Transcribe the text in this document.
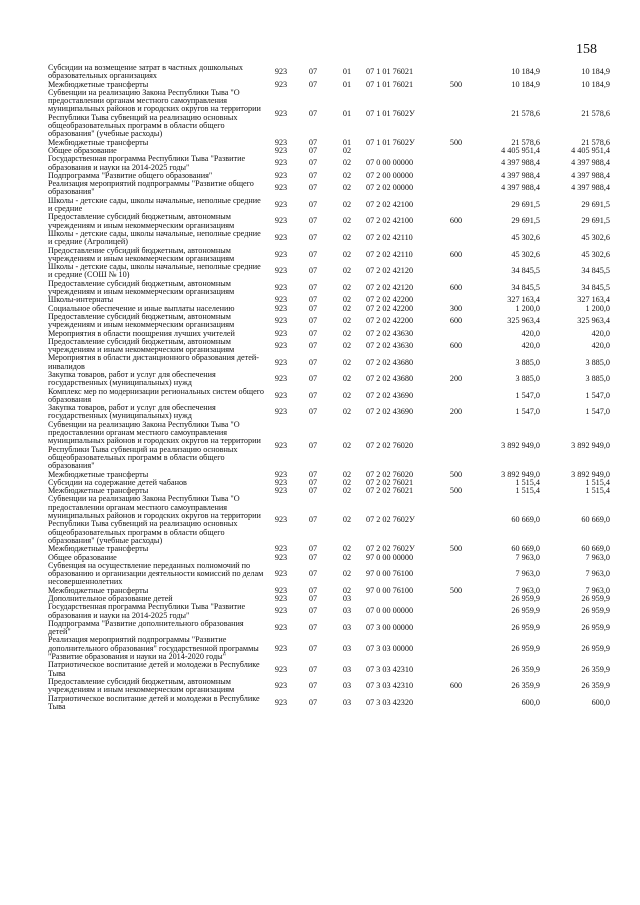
158
Субсидии на возмещение затрат в частных дошкольных образовательных организациях	923	07	01	07 1 01 76021		10 184,9	10 184,9
Межбюджетные трансферты	923	07	01	07 1 01 76021	500	10 184,9	10 184,9
Субвенции на реализацию Закона Республики Тыва "О предоставлении органам местного самоуправления муниципальных районов и городских округов на территории Республики Тыва субвенций на реализацию основных общеобразовательных программ в области общего образования" (учебные расходы)	923	07	01	07 1 01 7602У		21 578,6	21 578,6
Межбюджетные трансферты	923	07	01	07 1 01 7602У	500	21 578,6	21 578,6
Общее образование	923	07	02			4 405 951,4	4 405 951,4
Государственная программа Республики Тыва "Развитие образования и науки на 2014-2025 годы"	923	07	02	07 0 00 00000		4 397 988,4	4 397 988,4
Подпрограмма "Развитие общего образования"	923	07	02	07 2 00 00000		4 397 988,4	4 397 988,4
Реализация мероприятий подпрограммы "Развитие общего образования"	923	07	02	07 2 02 00000		4 397 988,4	4 397 988,4
Школы - детские сады, школы начальные, неполные средние и средние	923	07	02	07 2 02 42100		29 691,5	29 691,5
Предоставление субсидий бюджетным, автономным учреждениям и иным некоммерческим организациям	923	07	02	07 2 02 42100	600	29 691,5	29 691,5
Школы - детские сады, школы начальные, неполные средние и средние (Агролицей)	923	07	02	07 2 02 42110		45 302,6	45 302,6
Предоставление субсидий бюджетным, автономным учреждениям и иным некоммерческим организациям	923	07	02	07 2 02 42110	600	45 302,6	45 302,6
Школы - детские сады, школы начальные, неполные средние и средние (СОШ № 10)	923	07	02	07 2 02 42120		34 845,5	34 845,5
Предоставление субсидий бюджетным, автономным учреждениям и иным некоммерческим организациям	923	07	02	07 2 02 42120	600	34 845,5	34 845,5
Школы-интернаты	923	07	02	07 2 02 42200		327 163,4	327 163,4
Социальное обеспечение и иные выплаты населению	923	07	02	07 2 02 42200	300	1 200,0	1 200,0
Предоставление субсидий бюджетным, автономным учреждениям и иным некоммерческим организациям	923	07	02	07 2 02 42200	600	325 963,4	325 963,4
Мероприятия в области поощрения лучших учителей	923	07	02	07 2 02 43630		420,0	420,0
Предоставление субсидий бюджетным, автономным учреждениям и иным некоммерческим организациям	923	07	02	07 2 02 43630	600	420,0	420,0
Мероприятия в области дистанционного образования детей-инвалидов	923	07	02	07 2 02 43680		3 885,0	3 885,0
Закупка товаров, работ и услуг для обеспечения государственных (муниципальных) нужд	923	07	02	07 2 02 43680	200	3 885,0	3 885,0
Комплекс мер по модернизации региональных систем общего образования	923	07	02	07 2 02 43690		1 547,0	1 547,0
Закупка товаров, работ и услуг для обеспечения государственных (муниципальных) нужд	923	07	02	07 2 02 43690	200	1 547,0	1 547,0
Субвенции на реализацию Закона Республики Тыва "О предоставлении органам местного самоуправления муниципальных районов и городских округов на территории Республики Тыва субвенций на реализацию основных общеобразовательных программ в области общего образования"	923	07	02	07 2 02 76020		3 892 949,0	3 892 949,0
Межбюджетные трансферты	923	07	02	07 2 02 76020	500	3 892 949,0	3 892 949,0
Субсидии на содержание детей чабанов	923	07	02	07 2 02 76021		1 515,4	1 515,4
Межбюджетные трансферты	923	07	02	07 2 02 76021	500	1 515,4	1 515,4
Субвенции на реализацию Закона Республики Тыва "О предоставлении органам местного самоуправления муниципальных районов и городских округов на территории Республики Тыва субвенций на реализацию основных общеобразовательных программ в области общего образования" (учебные расходы)	923	07	02	07 2 02 7602У		60 669,0	60 669,0
Межбюджетные трансферты	923	07	02	07 2 02 7602У	500	60 669,0	60 669,0
Общее образование	923	07	02	97 0 00 00000		7 963,0	7 963,0
Субвенция на осуществление переданных полномочий по образованию и организации деятельности комиссий по делам несовершеннолетних	923	07	02	97 0 00 76100		7 963,0	7 963,0
Межбюджетные трансферты	923	07	02	97 0 00 76100	500	7 963,0	7 963,0
Дополнительное образование детей	923	07	03			26 959,9	26 959,9
Государственная программа Республики Тыва "Развитие образования и науки на 2014-2025 годы"	923	07	03	07 0 00 00000		26 959,9	26 959,9
Подпрограмма "Развитие дополнительного образования детей"	923	07	03	07 3 00 00000		26 959,9	26 959,9
Реализация мероприятий подпрограммы "Развитие дополнительного образования" государственной программы "Развитие образования и науки на 2014-2020 годы"	923	07	03	07 3 03 00000		26 959,9	26 959,9
Патриотическое воспитание детей и молодежи в Республике Тыва	923	07	03	07 3 03 42310		26 359,9	26 359,9
Предоставление субсидий бюджетным, автономным учреждениям и иным некоммерческим организациям	923	07	03	07 3 03 42310	600	26 359,9	26 359,9
Патриотическое воспитание детей и молодежи в Республике Тыва	923	07	03	07 3 03 42320		600,0	600,0
